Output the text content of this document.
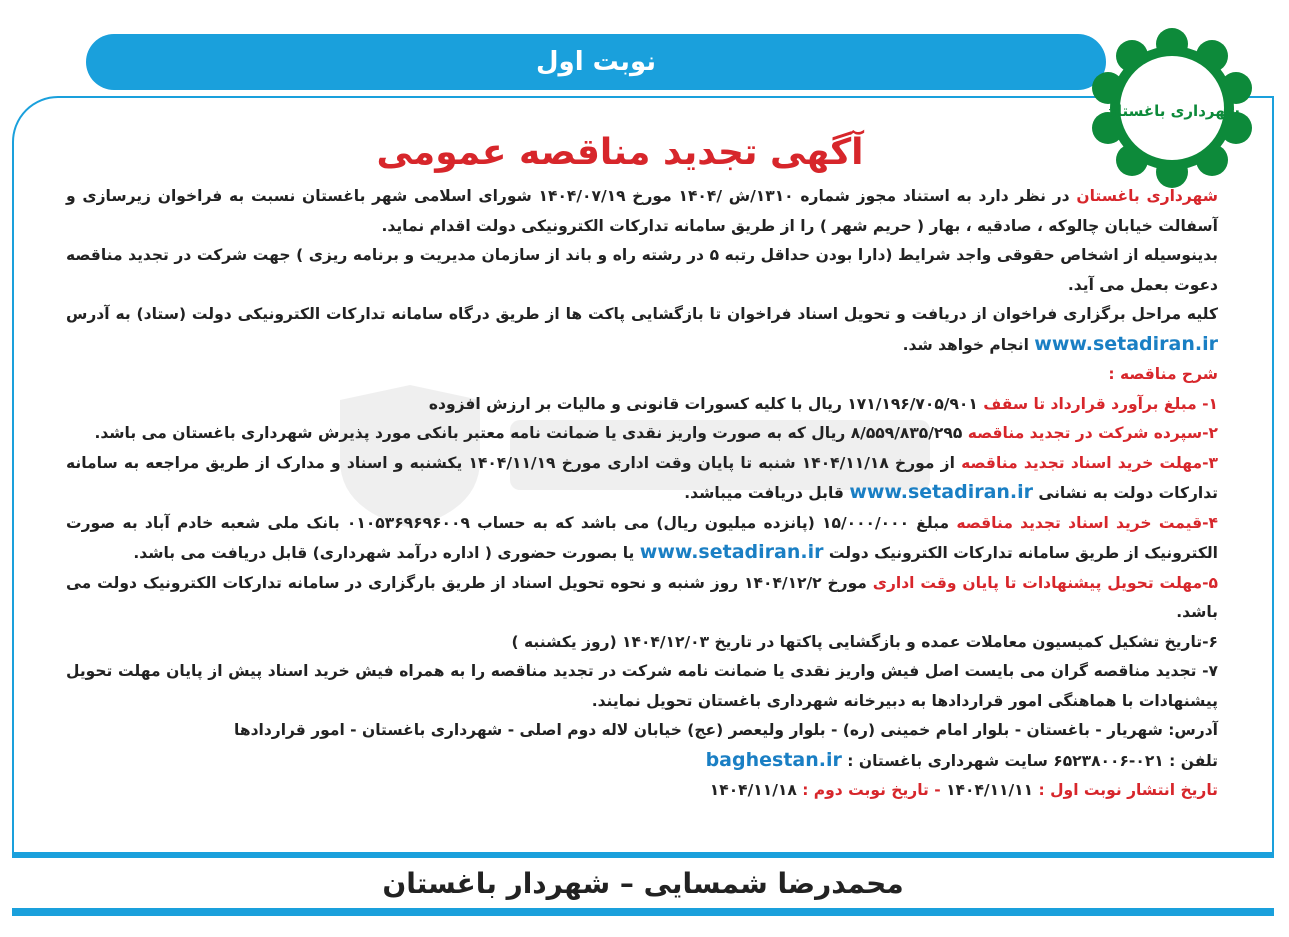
نوبت اول
شهرداری باغستان
آگهی تجدید مناقصه عمومی

شهرداری باغستان در نظر دارد به استناد مجوز شماره ۱۳۱۰/ش /۱۴۰۴ مورخ ۱۴۰۴/۰۷/۱۹ شورای اسلامی شهر باغستان نسبت به فراخوان زیرسازی و آسفالت خیابان چالوکه ، صادقیه ، بهار ( حریم شهر ) را از طریق سامانه تدارکات الکترونیکی دولت اقدام نماید.

بدینوسیله از اشخاص حقوقی واجد شرایط (دارا بودن حداقل رتبه ۵ در رشته راه و باند از سازمان مدیریت و برنامه ریزی ) جهت شرکت در تجدید مناقصه دعوت بعمل می آید.

کلیه مراحل برگزاری فراخوان از دریافت و تحویل اسناد فراخوان تا بازگشایی پاکت ها از طریق درگاه سامانه تدارکات الکترونیکی دولت (ستاد) به آدرس www.setadiran.ir انجام خواهد شد.

شرح مناقصه :

۱- مبلغ برآورد قرارداد تا سقف ۱۷۱/۱۹۶/۷۰۵/۹۰۱ ریال با کلیه کسورات قانونی و مالیات بر ارزش افزوده

۲-سپرده شرکت در تجدید مناقصه ۸/۵۵۹/۸۳۵/۲۹۵ ریال که به صورت واریز نقدی یا ضمانت نامه معتبر بانکی مورد پذیرش شهرداری باغستان می باشد.

۳-مهلت خرید اسناد تجدید مناقصه از مورخ ۱۴۰۴/۱۱/۱۸ شنبه تا پایان وقت اداری مورخ ۱۴۰۴/۱۱/۱۹ یکشنبه و اسناد و مدارک از طریق مراجعه به سامانه تدارکات دولت به نشانی www.setadiran.ir قابل دریافت میباشد.

۴-قیمت خرید اسناد تجدید مناقصه مبلغ ۱۵/۰۰۰/۰۰۰ (پانزده میلیون ریال) می باشد که به حساب ۰۱۰۵۳۶۹۶۹۶۰۰۹ بانک ملی شعبه خادم آباد به صورت الکترونیک از طریق سامانه تدارکات الکترونیک دولت www.setadiran.ir یا بصورت حضوری ( اداره درآمد شهرداری) قابل دریافت می باشد.

۵-مهلت تحویل پیشنهادات تا پایان وقت اداری مورخ ۱۴۰۴/۱۲/۲ روز شنبه و نحوه تحویل اسناد از طریق بارگزاری در سامانه تدارکات الکترونیک دولت می باشد.

۶-تاریخ تشکیل کمیسیون معاملات عمده و بازگشایی پاکتها در تاریخ ۱۴۰۴/۱۲/۰۳ (روز یکشنبه )

۷- تجدید مناقصه گران می بایست اصل فیش واریز نقدی یا ضمانت نامه شرکت در تجدید مناقصه را به همراه فیش خرید اسناد پیش از پایان مهلت تحویل پیشنهادات با هماهنگی امور قراردادها به دبیرخانه شهرداری باغستان تحویل نمایند.

آدرس: شهریار - باغستان - بلوار امام خمینی (ره) - بلوار ولیعصر (عج) خیابان لاله دوم اصلی - شهرداری باغستان - امور قراردادها

تلفن : ۰۲۱-۶۵۲۳۸۰۰۶ سایت شهرداری باغستان : baghestan.ir

تاریخ انتشار نوبت اول : ۱۴۰۴/۱۱/۱۱ - تاریخ نوبت دوم : ۱۴۰۴/۱۱/۱۸

محمدرضا شمسایی – شهردار باغستان
